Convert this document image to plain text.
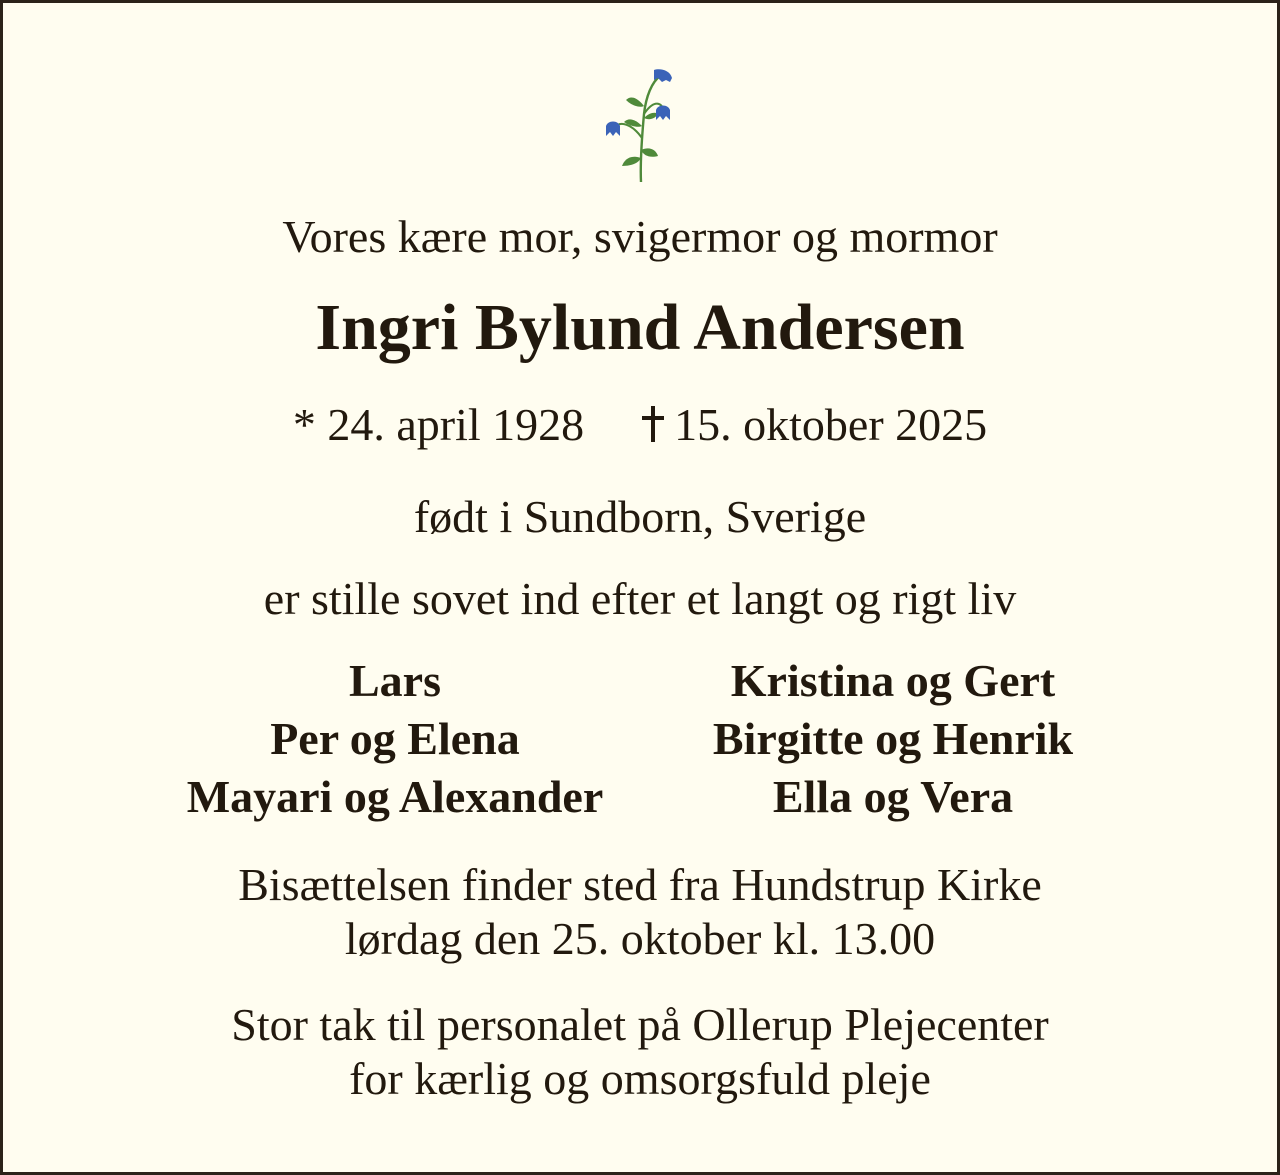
Vores kære mor, svigermor og mormor
Ingri Bylund Andersen
* 24. april 1928 15. oktober 2025
født i Sundborn, Sverige
er stille sovet ind efter et langt og rigt liv
Lars
Per og Elena
Mayari og Alexander
Kristina og Gert
Birgitte og Henrik
Ella og Vera
Bisættelsen finder sted fra Hundstrup Kirke
lørdag den 25. oktober kl. 13.00
Stor tak til personalet på Ollerup Plejecenter
for kærlig og omsorgsfuld pleje
